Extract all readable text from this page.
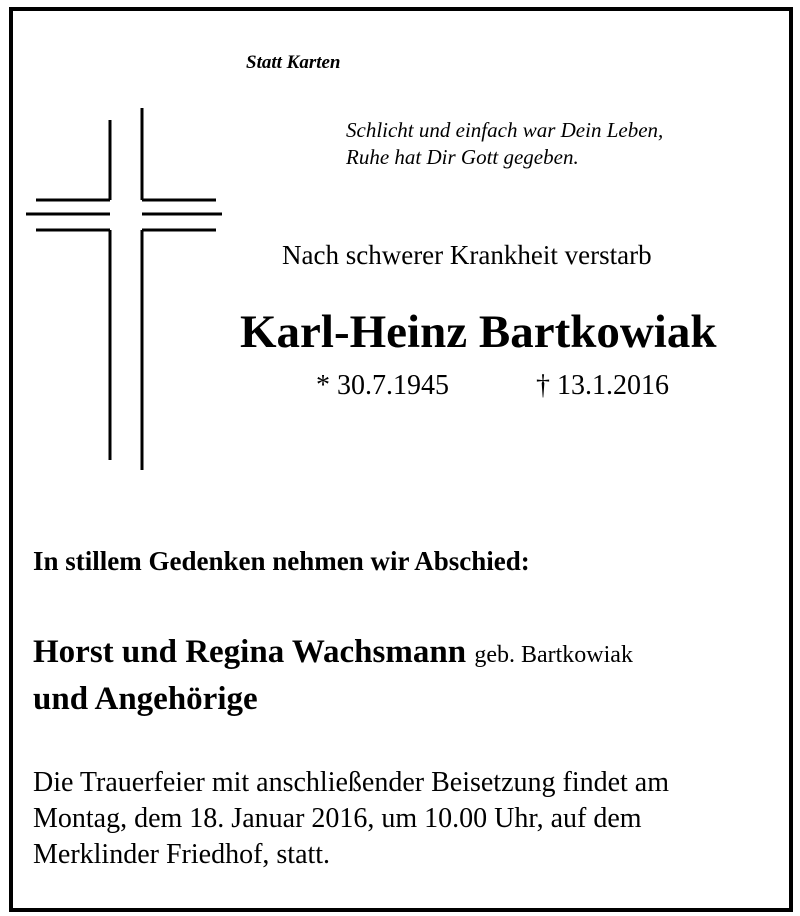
Statt Karten
Schlicht und einfach war Dein Leben,
Ruhe hat Dir Gott gegeben.
Nach schwerer Krankheit verstarb
Karl-Heinz Bartkowiak
* 30.7.1945	† 13.1.2016
In stillem Gedenken nehmen wir Abschied:
Horst und Regina Wachsmann geb. Bartkowiak
und Angehörige
Die Trauerfeier mit anschließender Beisetzung findet am
Montag, dem 18. Januar 2016, um 10.00 Uhr, auf dem
Merklinder Friedhof, statt.
